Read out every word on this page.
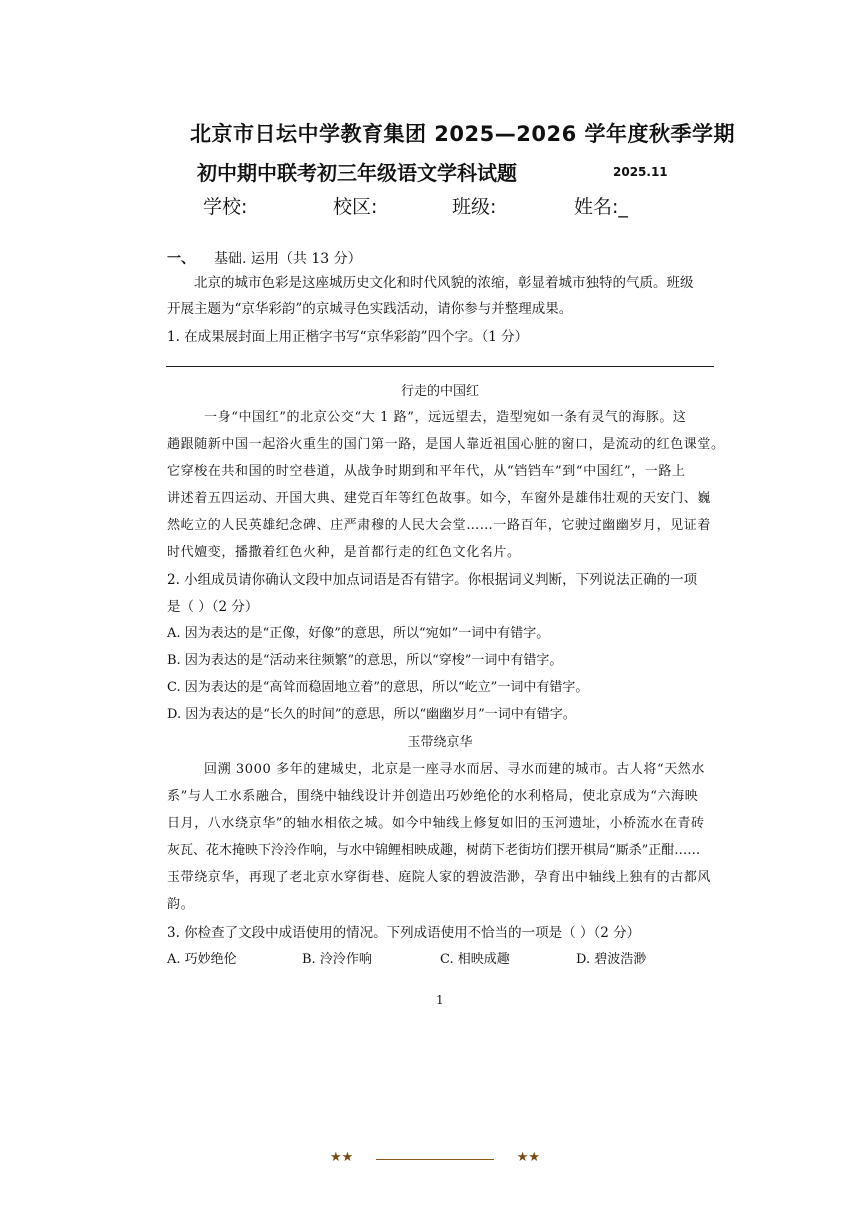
北京市日坛中学教育集团 2025—2026 学年度秋季学期
初中期中联考初三年级语文学科试题	2025.11
学校:	校区:	班级:	姓名:_
一、 基础. 运用（共 13 分）
北京的城市色彩是这座城历史文化和时代风貌的浓缩，彰显着城市独特的气质。班级
开展主题为“京华彩韵”的京城寻色实践活动，请你参与并整理成果。
1. 在成果展封面上用正楷字书写“京华彩韵”四个字。（1 分）
行走的中国红
一身“中国红”的北京公交“大 1 路”，远远望去，造型宛如一条有灵气的海豚。这
趟跟随新中国一起浴火重生的国门第一路，是国人靠近祖国心脏的窗口，是流动的红色课堂。
它穿梭在共和国的时空巷道，从战争时期到和平年代，从“铛铛车”到“中国红”，一路上
讲述着五四运动、开国大典、建党百年等红色故事。如今，车窗外是雄伟壮观的天安门、巍
然屹立的人民英雄纪念碑、庄严肃穆的人民大会堂……一路百年，它驶过幽幽岁月，见证着
时代嬗变，播撒着红色火种，是首都行走的红色文化名片。
2. 小组成员请你确认文段中加点词语是否有错字。你根据词义判断，下列说法正确的一项
是（ ）（2 分）
A. 因为表达的是“正像，好像”的意思，所以“宛如”一词中有错字。
B. 因为表达的是“活动来往频繁”的意思，所以“穿梭”一词中有错字。
C. 因为表达的是“高耸而稳固地立着”的意思，所以“屹立”一词中有错字。
D. 因为表达的是“长久的时间”的意思，所以“幽幽岁月”一词中有错字。
玉带绕京华
回溯 3000 多年的建城史，北京是一座寻水而居、寻水而建的城市。古人将“天然水
系”与人工水系融合，围绕中轴线设计并创造出巧妙绝伦的水利格局，使北京成为“六海映
日月，八水绕京华”的轴水相依之城。如今中轴线上修复如旧的玉河遗址，小桥流水在青砖
灰瓦、花木掩映下泠泠作响，与水中锦鲤相映成趣，树荫下老街坊们摆开棋局“厮杀”正酣……
玉带绕京华，再现了老北京水穿街巷、庭院人家的碧波浩渺，孕育出中轴线上独有的古都风
韵。
3. 你检查了文段中成语使用的情况。下列成语使用不恰当的一项是（ ）（2 分）
A. 巧妙绝伦	B. 泠泠作响	C. 相映成趣	D. 碧波浩渺
1
★★	★★
